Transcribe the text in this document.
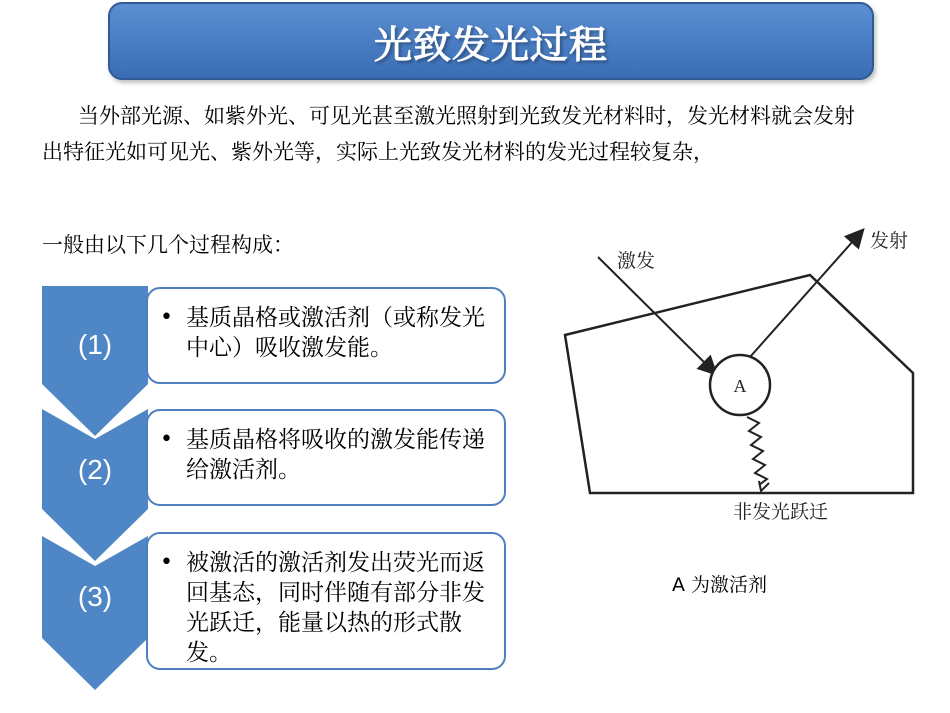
光致发光过程

当外部光源、如紫外光、可见光甚至激光照射到光致发光材料时，发光材料就会发射出特征光如可见光、紫外光等，实际上光致发光材料的发光过程较复杂，

一般由以下几个过程构成：
(1)
• 基质晶格或激活剂（或称发光中心）吸收激发能。
(2)
• 基质晶格将吸收的激发能传递给激活剂。
(3)
• 被激活的激活剂发出荧光而返回基态，同时伴随有部分非发光跃迁，能量以热的形式散发。
A
激发
发射
非发光跃迁
A 为激活剂
